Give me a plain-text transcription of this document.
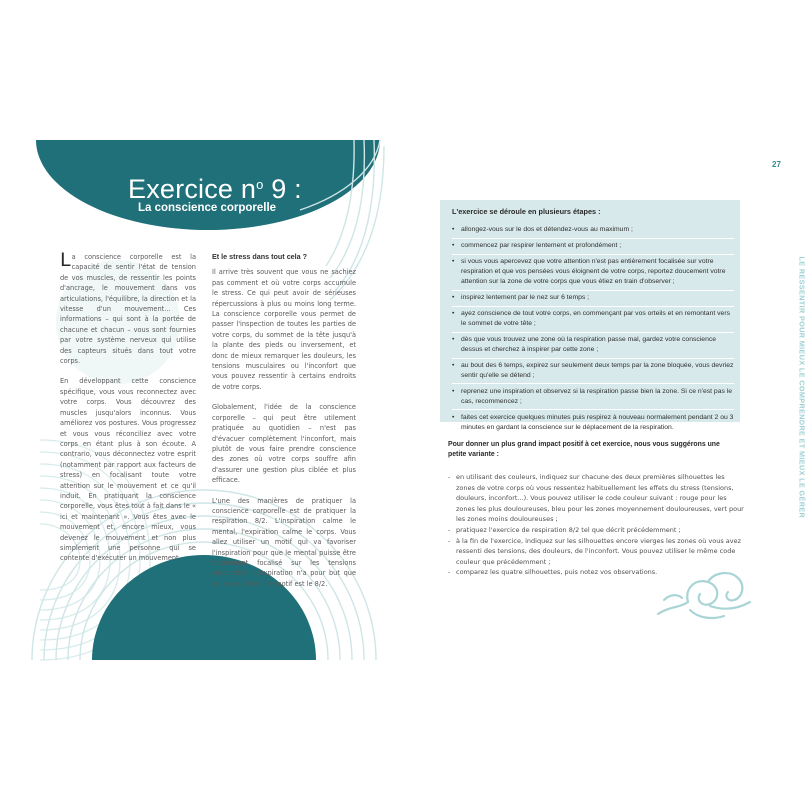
Exercice $n^o$ 9 :
La conscience corporelle

La conscience corporelle est la capacité de sentir l'état de tension de vos muscles, de ressentir les points d'ancrage, le mouvement dans vos articulations, l'équilibre, la direction et la vitesse d'un mouvement... Ces informations – qui sont à la portée de chacune et chacun – vous sont fournies par votre système nerveux qui utilise des capteurs situés dans tout votre corps.

En développant cette conscience spécifique, vous vous reconnectez avec votre corps. Vous découvrez des muscles jusqu'alors inconnus. Vous améliorez vos postures. Vous progressez et vous vous réconciliez avec votre corps en étant plus à son écoute. A contrario, vous déconnectez votre esprit (notamment par rapport aux facteurs de stress) en focalisant toute votre attention sur le mouvement et ce qu'il induit. En pratiquant la conscience corporelle, vous êtes tout à fait dans le « ici et maintenant ». Vous êtes avec le mouvement et, encore mieux, vous devenez le mouvement et non plus simplement une personne qui se contente d'exécuter un mouvement.

Et le stress dans tout cela ?

Il arrive très souvent que vous ne sachiez pas comment et où votre corps accumule le stress. Ce qui peut avoir de sérieuses répercussions à plus ou moins long terme. La conscience corporelle vous permet de passer l'inspection de toutes les parties de votre corps, du sommet de la tête jusqu'à la plante des pieds ou inversement, et donc de mieux remarquer les douleurs, les tensions musculaires ou l'inconfort que vous pouvez ressentir à certains endroits de votre corps.

Globalement, l'idée de la conscience corporelle – qui peut être utilement pratiquée au quotidien – n'est pas d'évacuer complètement l'inconfort, mais plutôt de vous faire prendre conscience des zones où votre corps souffre afin d'assurer une gestion plus ciblée et plus efficace.

L'une des manières de pratiquer la conscience corporelle est de pratiquer la respiration 8/2. L'inspiration calme le mental, l'expiration calme le corps. Vous allez utiliser un motif qui va favoriser l'inspiration pour que le mental puisse être totalement focalisé sur les tensions corporelles. L'expiration n'a pour but que de les relâcher. Ce motif est le 8/2.

27
LE RESSENTIR POUR MIEUX LE COMPRENDRE ET MIEUX LE GÉRER
L'exercice se déroule en plusieurs étapes :
• allongez-vous sur le dos et détendez-vous au maximum ;
• commencez par respirer lentement et profondément ;
• si vous vous apercevez que votre attention n'est pas entièrement focalisée sur votre respiration et que vos pensées vous éloignent de votre corps, reportez doucement votre attention sur la zone de votre corps que vous étiez en train d'observer ;
• inspirez lentement par le nez sur 6 temps ;
• ayez conscience de tout votre corps, en commençant par vos orteils et en remontant vers le sommet de votre tête ;
• dès que vous trouvez une zone où la respiration passe mal, gardez votre conscience dessus et cherchez à inspirer par cette zone ;
• au bout des 6 temps, expirez sur seulement deux temps par la zone bloquée, vous devriez sentir qu'elle se détend ;
• reprenez une inspiration et observez si la respiration passe bien la zone. Si ce n'est pas le cas, recommencez ;
• faites cet exercice quelques minutes puis respirez à nouveau normalement pendant 2 ou 3 minutes en gardant la conscience sur le déplacement de la respiration.
Pour donner un plus grand impact positif à cet exercice, nous vous suggérons une petite variante :
- en utilisant des couleurs, indiquez sur chacune des deux premières silhouettes les zones de votre corps où vous ressentez habituellement les effets du stress (tensions, douleurs, inconfort...). Vous pouvez utiliser le code couleur suivant : rouge pour les zones les plus douloureuses, bleu pour les zones moyennement douloureuses, vert pour les zones moins douloureuses ;
- pratiquez l'exercice de respiration 8/2 tel que décrit précédemment ;
- à la fin de l'exercice, indiquez sur les silhouettes encore vierges les zones où vous avez ressenti des tensions, des douleurs, de l'inconfort. Vous pouvez utiliser le même code couleur que précédemment ;
- comparez les quatre silhouettes, puis notez vos observations.
